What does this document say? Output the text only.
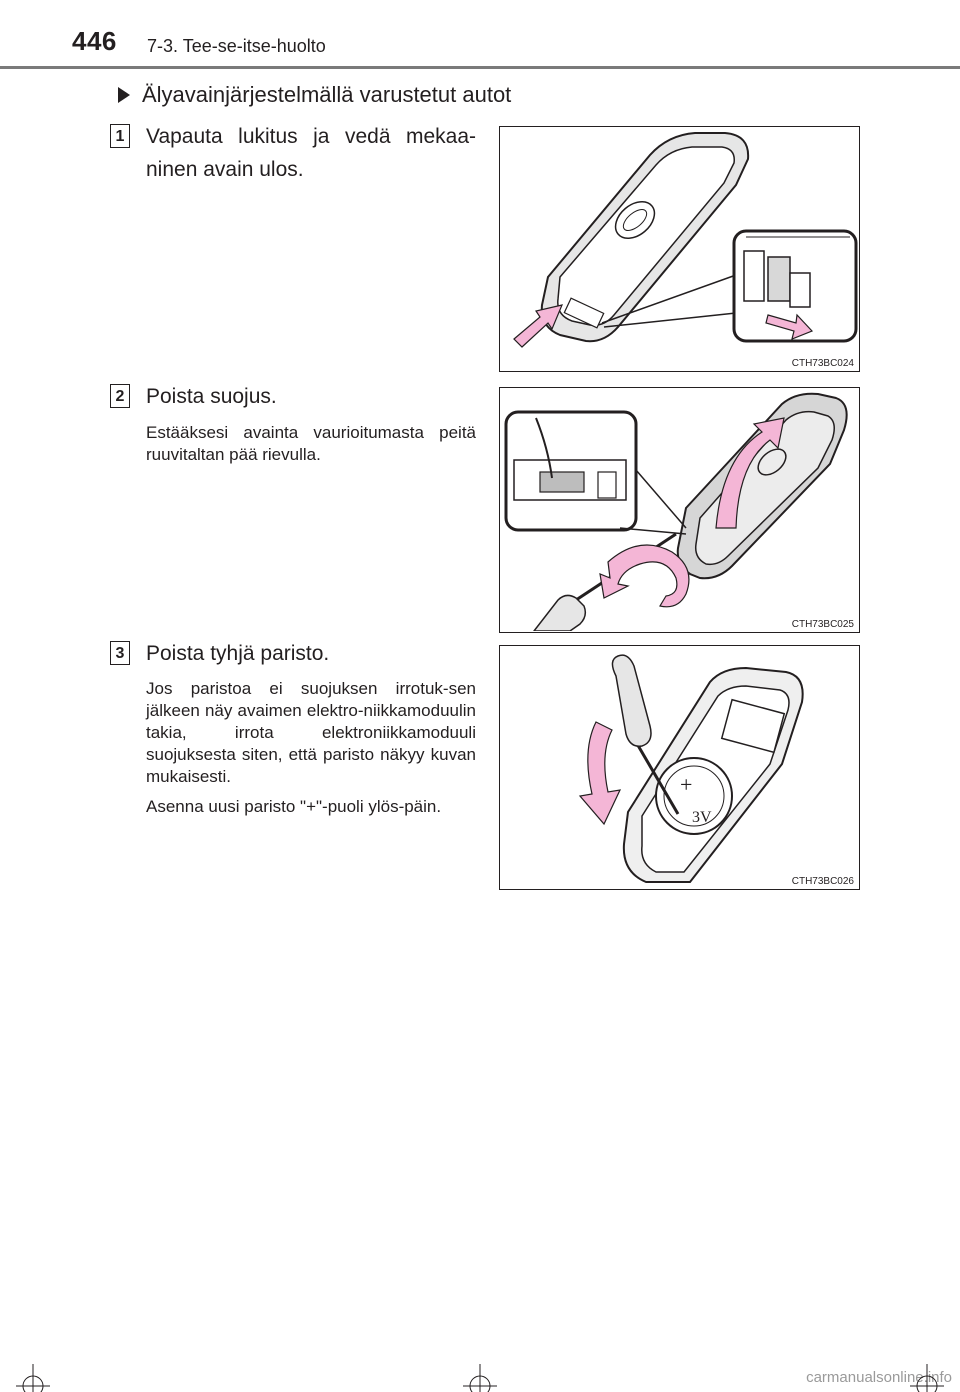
446 7-3. Tee-se-itse-huolto
Älyavainjärjestelmällä varustetut autot
1 Vapauta lukitus ja vedä mekaa-ninen avain ulos.
CTH73BC024
2 Poista suojus.

Estääksesi avainta vaurioitumasta peitä ruuvitaltan pää rievulla.

CTH73BC025
3 Poista tyhjä paristo.

Jos paristoa ei suojuksen irrotuk-sen jälkeen näy avaimen elektro-niikkamoduulin takia, irrota elektroniikkamoduuli suojuksesta siten, että paristo näkyy kuvan mukaisesti.

Asenna uusi paristo "+"-puoli ylös-päin.

+
3V
CTH73BC026
carmanualsonline.info
